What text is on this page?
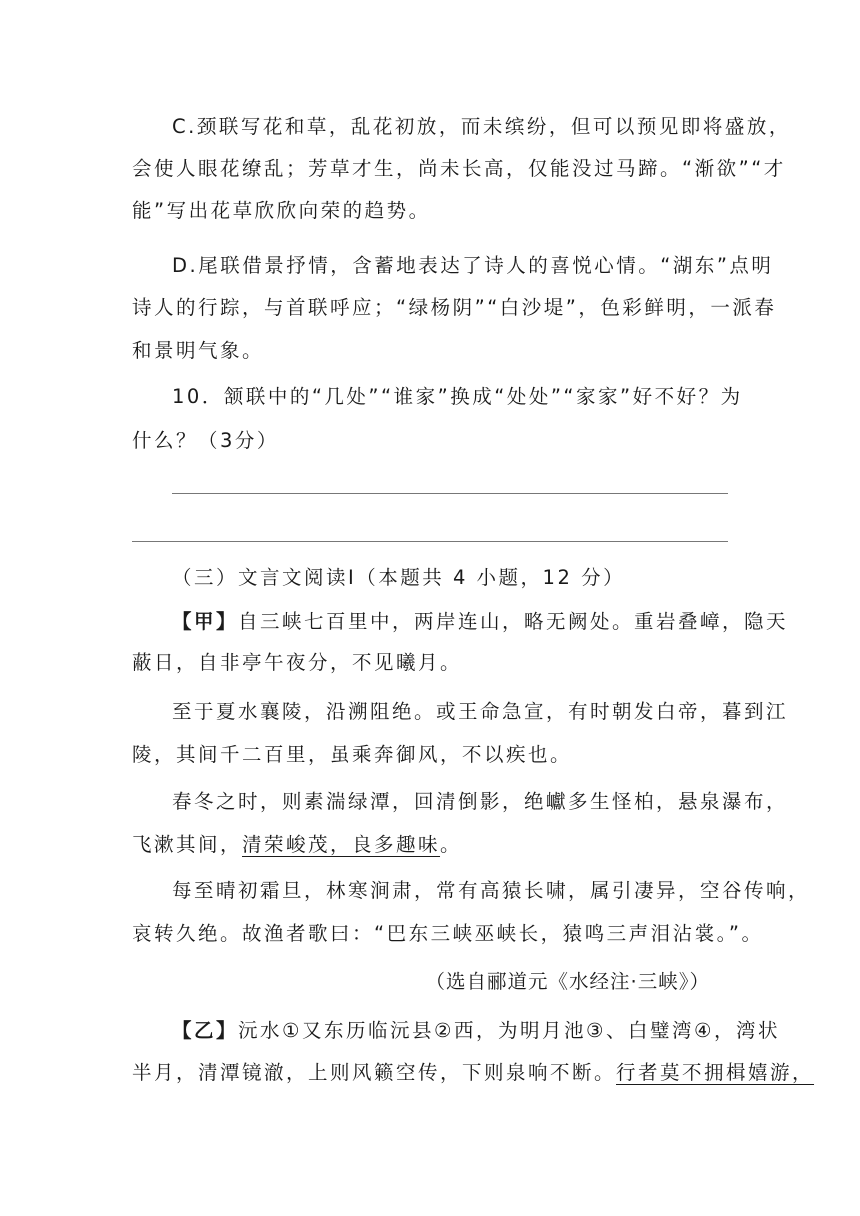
C.颈联写花和草，乱花初放，而未缤纷，但可以预见即将盛放，
会使人眼花缭乱；芳草才生，尚未长高，仅能没过马蹄。“渐欲”“才
能”写出花草欣欣向荣的趋势。
D.尾联借景抒情，含蓄地表达了诗人的喜悦心情。“湖东”点明
诗人的行踪，与首联呼应；“绿杨阴”“白沙堤”，色彩鲜明，一派春
和景明气象。
10．颔联中的“几处”“谁家”换成“处处”“家家”好不好？为
什么？（3分）
（三）文言文阅读Ⅰ（本题共 4 小题，12 分）
【甲】自三峡七百里中，两岸连山，略无阙处。重岩叠嶂，隐天
蔽日，自非亭午夜分，不见曦月。
至于夏水襄陵，沿溯阻绝。或王命急宣，有时朝发白帝，暮到江
陵，其间千二百里，虽乘奔御风，不以疾也。
春冬之时，则素湍绿潭，回清倒影，绝巘多生怪柏，悬泉瀑布，
飞漱其间，清荣峻茂，良多趣味。
每至晴初霜旦，林寒涧肃，常有高猿长啸，属引凄异，空谷传响，
哀转久绝。故渔者歌曰：“巴东三峡巫峡长，猿鸣三声泪沾裳。”。
（选自郦道元《水经注·三峡》）
【乙】沅水①又东历临沅县②西，为明月池③、白璧湾④，湾状
半月，清潭镜澈，上则风籁空传，下则泉响不断。行者莫不拥楫嬉游，
